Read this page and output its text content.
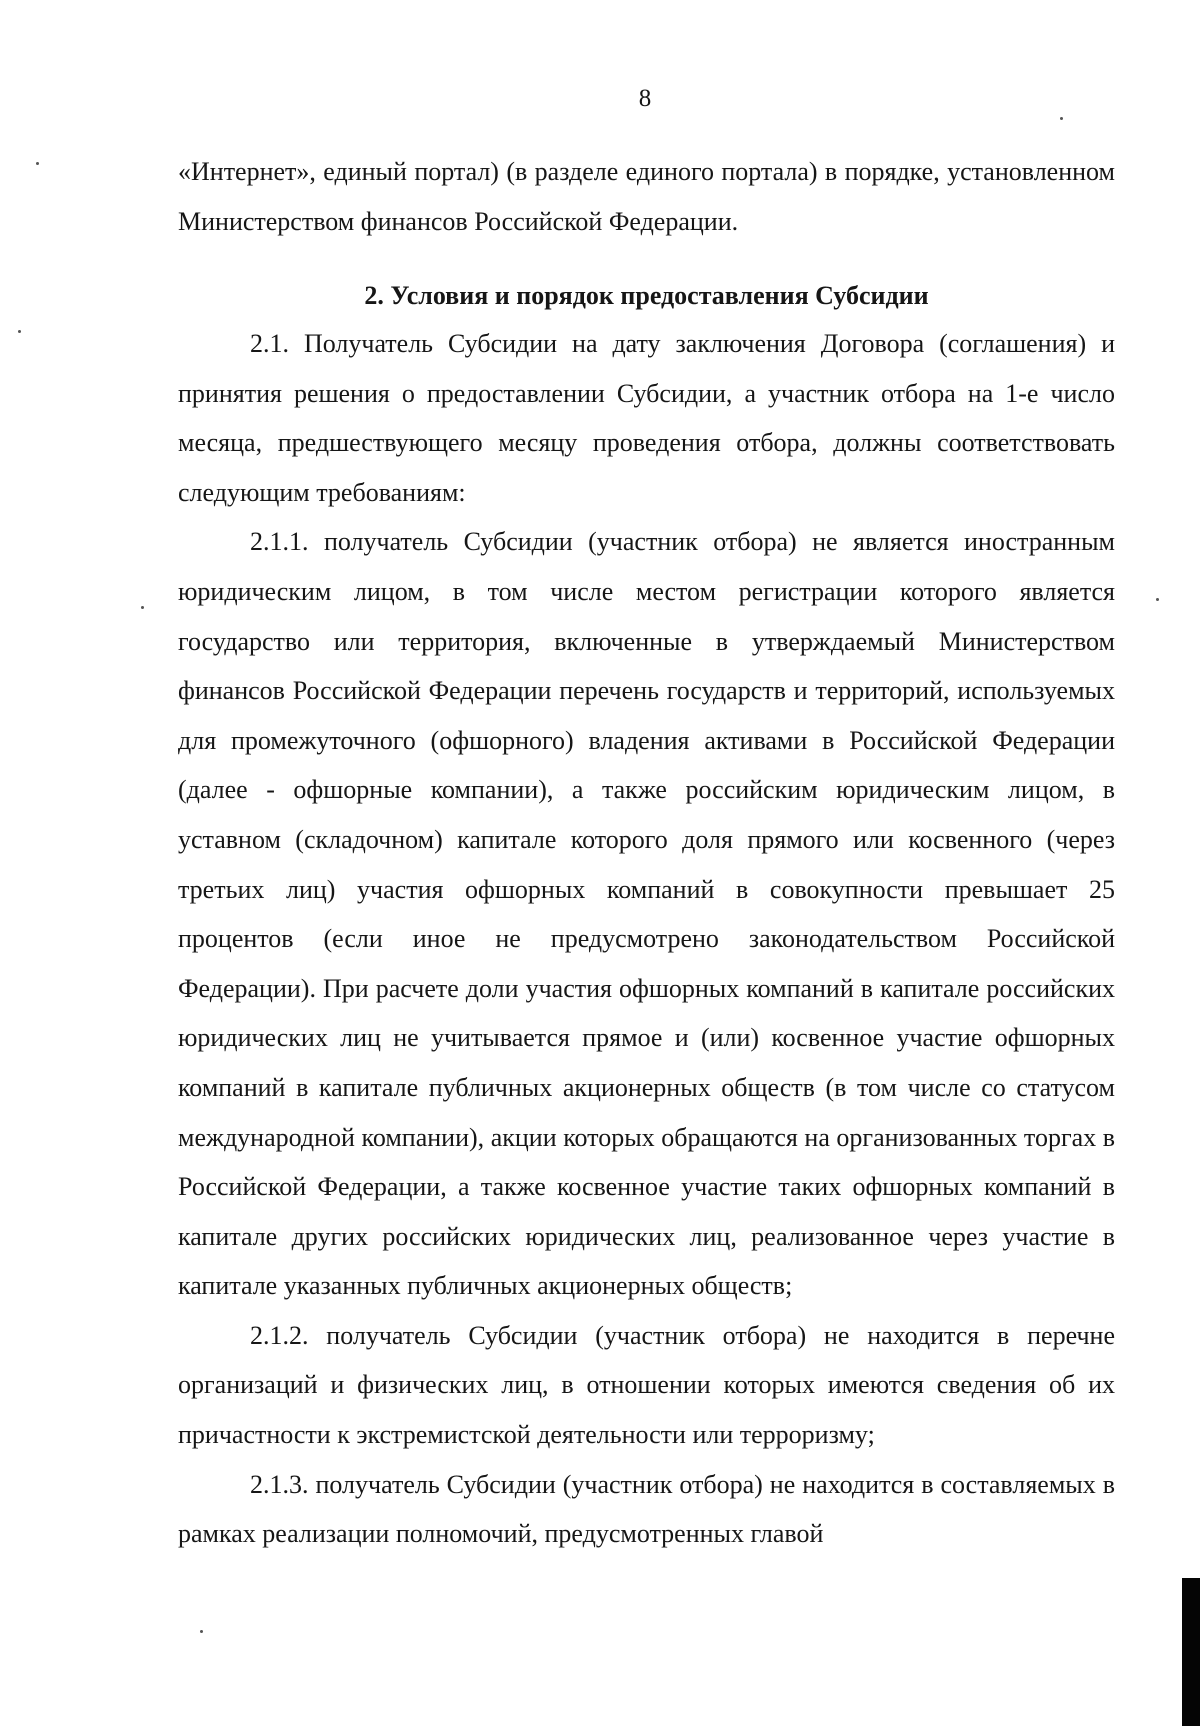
8

«Интернет», единый портал) (в разделе единого портала) в порядке, установленном Министерством финансов Российской Федерации.

2. Условия и порядок предоставления Субсидии

2.1. Получатель Субсидии на дату заключения Договора (соглашения) и принятия решения о предоставлении Субсидии, а участник отбора на 1-е число месяца, предшествующего месяцу проведения отбора, должны соответствовать следующим требованиям:

2.1.1. получатель Субсидии (участник отбора) не является иностранным юридическим лицом, в том числе местом регистрации которого является государство или территория, включенные в утверждаемый Министерством финансов Российской Федерации перечень государств и территорий, используемых для промежуточного (офшорного) владения активами в Российской Федерации (далее - офшорные компании), а также российским юридическим лицом, в уставном (складочном) капитале которого доля прямого или косвенного (через третьих лиц) участия офшорных компаний в совокупности превышает 25 процентов (если иное не предусмотрено законодательством Российской Федерации). При расчете доли участия офшорных компаний в капитале российских юридических лиц не учитывается прямое и (или) косвенное участие офшорных компаний в капитале публичных акционерных обществ (в том числе со статусом международной компании), акции которых обращаются на организованных торгах в Российской Федерации, а также косвенное участие таких офшорных компаний в капитале других российских юридических лиц, реализованное через участие в капитале указанных публичных акционерных обществ;

2.1.2. получатель Субсидии (участник отбора) не находится в перечне организаций и физических лиц, в отношении которых имеются сведения об их причастности к экстремистской деятельности или терроризму;

2.1.3. получатель Субсидии (участник отбора) не находится в составляемых в рамках реализации полномочий, предусмотренных главой
